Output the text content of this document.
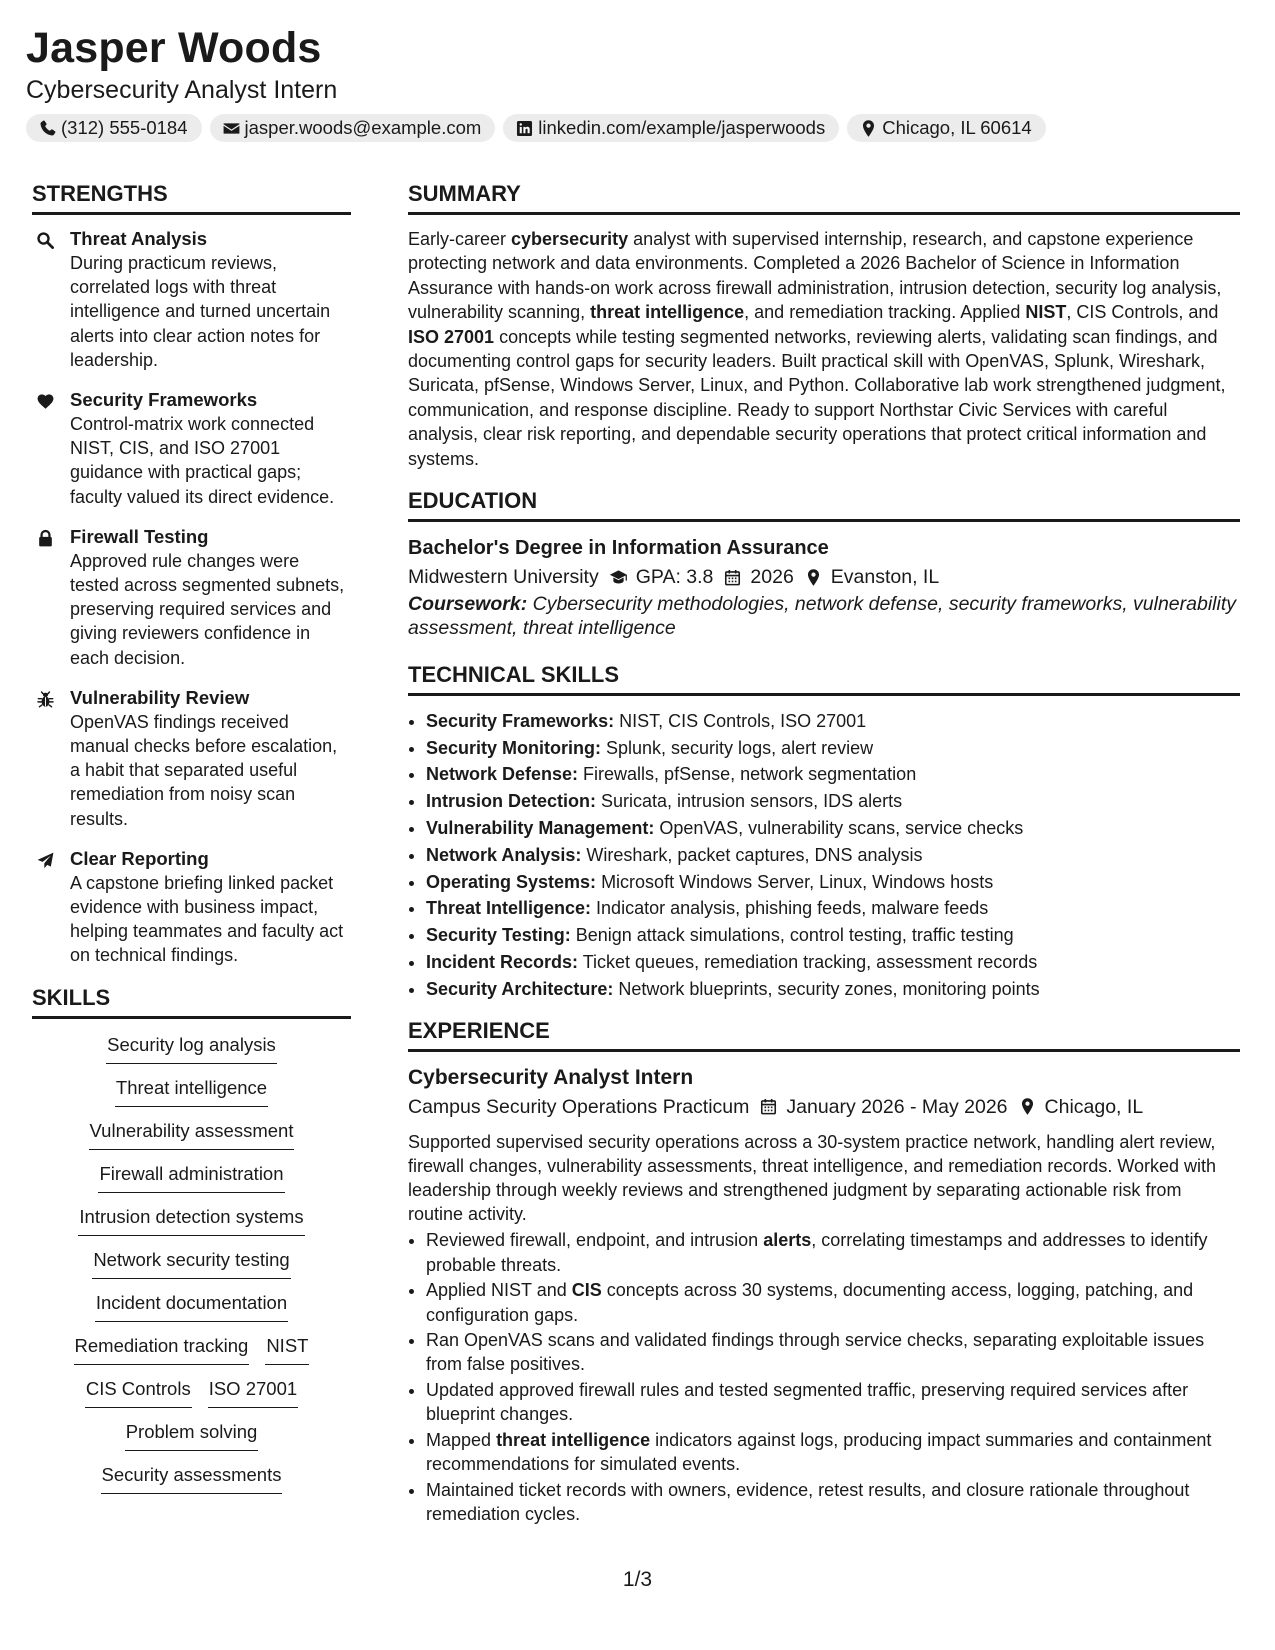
Jasper Woods
Cybersecurity Analyst Intern
(312) 555-0184	jasper.woods@example.com	linkedin.com/example/jasperwoods	Chicago, IL 60614
STRENGTHS
Threat Analysis
During practicum reviews, correlated logs with threat intelligence and turned uncertain alerts into clear action notes for leadership.
Security Frameworks
Control-matrix work connected NIST, CIS, and ISO 27001 guidance with practical gaps; faculty valued its direct evidence.
Firewall Testing
Approved rule changes were tested across segmented subnets, preserving required services and giving reviewers confidence in each decision.
Vulnerability Review
OpenVAS findings received manual checks before escalation, a habit that separated useful remediation from noisy scan results.
Clear Reporting
A capstone briefing linked packet evidence with business impact, helping teammates and faculty act on technical findings.
SKILLS
Security log analysis
Threat intelligence
Vulnerability assessment
Firewall administration
Intrusion detection systems
Network security testing
Incident documentation
Remediation tracking NIST
CIS Controls ISO 27001
Problem solving
Security assessments
SUMMARY
Early-career cybersecurity analyst with supervised internship, research, and capstone experience protecting network and data environments. Completed a 2026 Bachelor of Science in Information Assurance with hands-on work across firewall administration, intrusion detection, security log analysis, vulnerability scanning, threat intelligence, and remediation tracking. Applied NIST, CIS Controls, and ISO 27001 concepts while testing segmented networks, reviewing alerts, validating scan findings, and documenting control gaps for security leaders. Built practical skill with OpenVAS, Splunk, Wireshark, Suricata, pfSense, Windows Server, Linux, and Python. Collaborative lab work strengthened judgment, communication, and response discipline. Ready to support Northstar Civic Services with careful analysis, clear risk reporting, and dependable security operations that protect critical information and systems.
EDUCATION
Bachelor's Degree in Information Assurance
Midwestern University GPA: 3.8 2026 Evanston, IL
Coursework: Cybersecurity methodologies, network defense, security frameworks, vulnerability assessment, threat intelligence
TECHNICAL SKILLS
• Security Frameworks: NIST, CIS Controls, ISO 27001
• Security Monitoring: Splunk, security logs, alert review
• Network Defense: Firewalls, pfSense, network segmentation
• Intrusion Detection: Suricata, intrusion sensors, IDS alerts
• Vulnerability Management: OpenVAS, vulnerability scans, service checks
• Network Analysis: Wireshark, packet captures, DNS analysis
• Operating Systems: Microsoft Windows Server, Linux, Windows hosts
• Threat Intelligence: Indicator analysis, phishing feeds, malware feeds
• Security Testing: Benign attack simulations, control testing, traffic testing
• Incident Records: Ticket queues, remediation tracking, assessment records
• Security Architecture: Network blueprints, security zones, monitoring points
EXPERIENCE
Cybersecurity Analyst Intern
Campus Security Operations Practicum January 2026 - May 2026 Chicago, IL
Supported supervised security operations across a 30-system practice network, handling alert review, firewall changes, vulnerability assessments, threat intelligence, and remediation records. Worked with leadership through weekly reviews and strengthened judgment by separating actionable risk from routine activity.
• Reviewed firewall, endpoint, and intrusion alerts, correlating timestamps and addresses to identify probable threats.
• Applied NIST and CIS concepts across 30 systems, documenting access, logging, patching, and configuration gaps.
• Ran OpenVAS scans and validated findings through service checks, separating exploitable issues from false positives.
• Updated approved firewall rules and tested segmented traffic, preserving required services after blueprint changes.
• Mapped threat intelligence indicators against logs, producing impact summaries and containment recommendations for simulated events.
• Maintained ticket records with owners, evidence, retest results, and closure rationale throughout remediation cycles.
1/3
